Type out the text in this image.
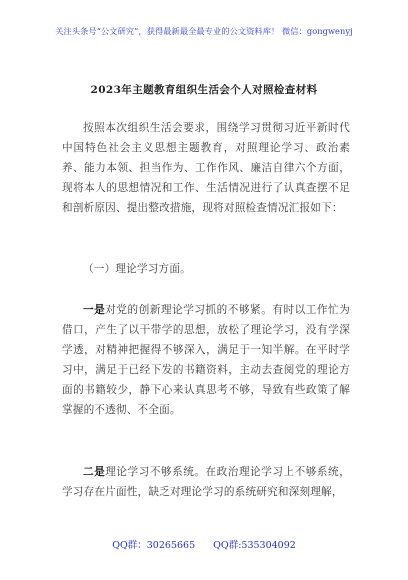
关注头条号“公文研究”，获得最新最全最专业的公文资料库！ 微信：gongwenyj
2023年主题教育组织生活会个人对照检查材料
按照本次组织生活会要求，围绕学习贯彻习近平新时代中国特色社会主义思想主题教育，对照理论学习、政治素养、能力本领、担当作为、工作作风、廉洁自律六个方面，现将本人的思想情况和工作、生活情况进行了认真查摆不足和剖析原因、提出整改措施，现将对照检查情况汇报如下：
（一）理论学习方面。
一是对党的创新理论学习抓的不够紧。有时以工作忙为借口，产生了以干带学的思想，放松了理论学习，没有学深学透，对精神把握得不够深入，满足于一知半解。在平时学习中，满足于已经下发的书籍资料，主动去查阅党的理论方面的书籍较少，静下心来认真思考不够，导致有些政策了解掌握的不透彻、不全面。
二是理论学习不够系统。在政治理论学习上不够系统，学习存在片面性，缺乏对理论学习的系统研究和深刻理解，
QQ群：30265665 QQ群:535304092
